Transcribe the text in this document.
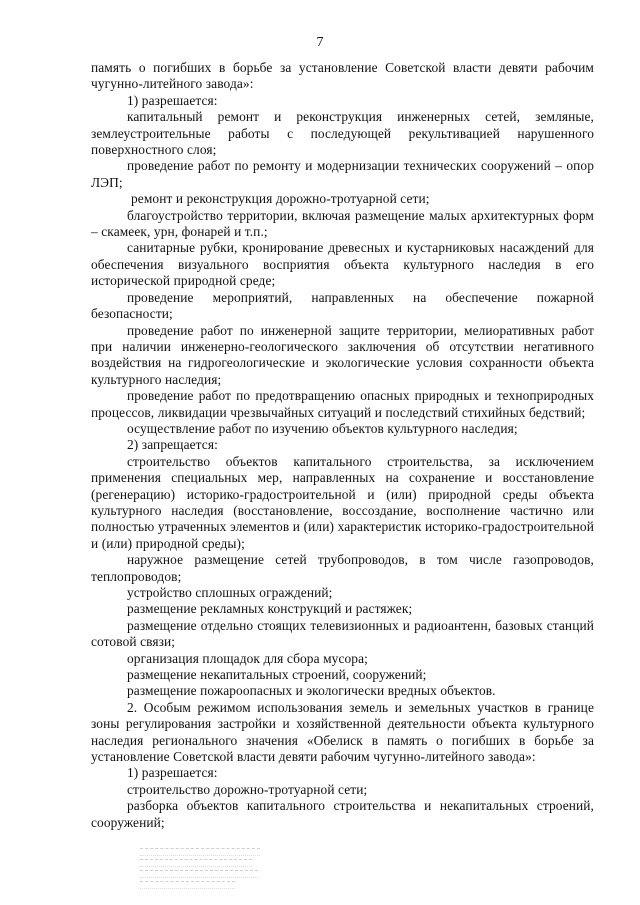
7

память о погибших в борьбе за установление Советской власти девяти рабочим чугунно-литейного завода»:

1) разрешается:

капитальный ремонт и реконструкция инженерных сетей, земляные, землеустроительные работы с последующей рекультивацией нарушенного поверхностного слоя;

проведение работ по ремонту и модернизации технических сооружений – опор ЛЭП;

ремонт и реконструкция дорожно-тротуарной сети;

благоустройство территории, включая размещение малых архитектурных форм – скамеек, урн, фонарей и т.п.;

санитарные рубки, кронирование древесных и кустарниковых насаждений для обеспечения визуального восприятия объекта культурного наследия в его исторической природной среде;

проведение мероприятий, направленных на обеспечение пожарной безопасности;

проведение работ по инженерной защите территории, мелиоративных работ при наличии инженерно-геологического заключения об отсутствии негативного воздействия на гидрогеологические и экологические условия сохранности объекта культурного наследия;

проведение работ по предотвращению опасных природных и техноприродных процессов, ликвидации чрезвычайных ситуаций и последствий стихийных бедствий;

осуществление работ по изучению объектов культурного наследия;

2) запрещается:

строительство объектов капитального строительства, за исключением применения специальных мер, направленных на сохранение и восстановление (регенерацию) историко-градостроительной и (или) природной среды объекта культурного наследия (восстановление, воссоздание, восполнение частично или полностью утраченных элементов и (или) характеристик историко-градостроительной и (или) природной среды);

наружное размещение сетей трубопроводов, в том числе газопроводов, теплопроводов;

устройство сплошных ограждений;

размещение рекламных конструкций и растяжек;

размещение отдельно стоящих телевизионных и радиоантенн, базовых станций сотовой связи;

организация площадок для сбора мусора;

размещение некапитальных строений, сооружений;

размещение пожароопасных и экологически вредных объектов.

2. Особым режимом использования земель и земельных участков в границе зоны регулирования застройки и хозяйственной деятельности объекта культурного наследия регионального значения «Обелиск в память о погибших в борьбе за установление Советской власти девяти рабочим чугунно-литейного завода»:

1) разрешается:

строительство дорожно-тротуарной сети;

разборка объектов капитального строительства и некапитальных строений, сооружений;
